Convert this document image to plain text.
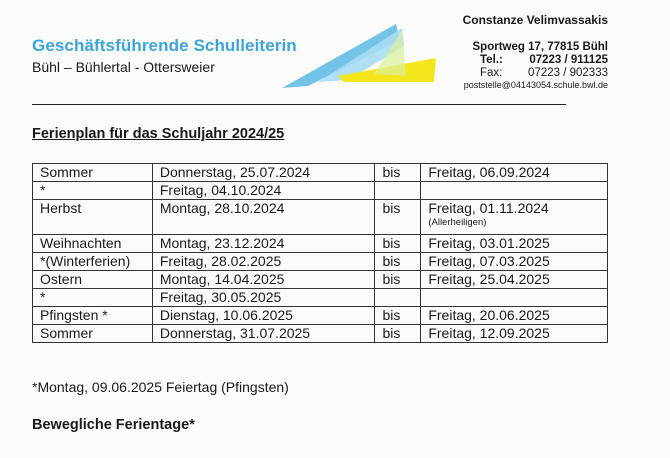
Geschäftsführende Schulleiterin
Bühl – Bühlertal - Ottersweier
Constanze Velimvassakis
Sportweg 17, 77815 Bühl
Tel.:	07223 / 911125
Fax:	07223 / 902333
poststelle@04143054.schule.bwl.de
Ferienplan für das Schuljahr 2024/25
Sommer	Donnerstag, 25.07.2024	bis	Freitag, 06.09.2024
*	Freitag, 04.10.2024		
Herbst	Montag, 28.10.2024	bis	Freitag, 01.11.2024
(Allerheiligen)

Weihnachten	Montag, 23.12.2024	bis	Freitag, 03.01.2025
*(Winterferien)	Freitag, 28.02.2025	bis	Freitag, 07.03.2025
Ostern	Montag, 14.04.2025	bis	Freitag, 25.04.2025
*	Freitag, 30.05.2025		
Pfingsten *	Dienstag, 10.06.2025	bis	Freitag, 20.06.2025
Sommer	Donnerstag, 31.07.2025	bis	Freitag, 12.09.2025
*Montag, 09.06.2025 Feiertag (Pfingsten)
Bewegliche Ferientage*
